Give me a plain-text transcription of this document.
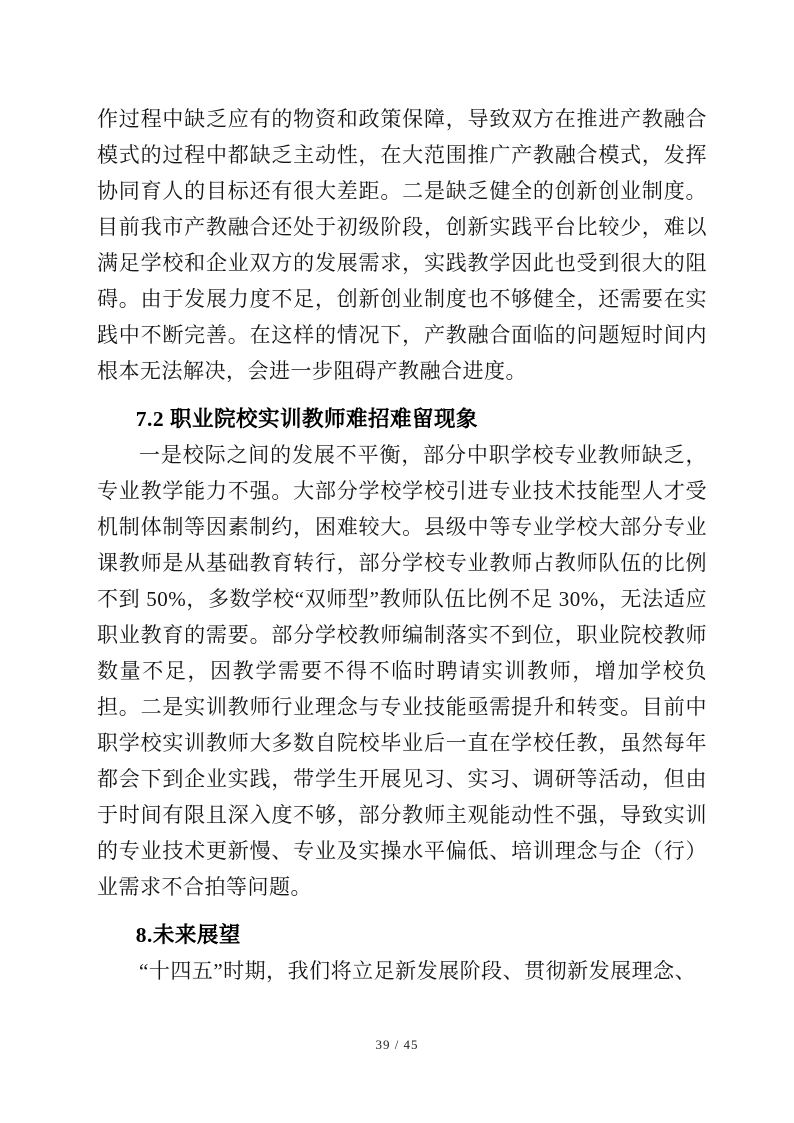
作过程中缺乏应有的物资和政策保障，导致双方在推进产教融合模式的过程中都缺乏主动性，在大范围推广产教融合模式，发挥协同育人的目标还有很大差距。二是缺乏健全的创新创业制度。目前我市产教融合还处于初级阶段，创新实践平台比较少，难以满足学校和企业双方的发展需求，实践教学因此也受到很大的阻碍。由于发展力度不足，创新创业制度也不够健全，还需要在实践中不断完善。在这样的情况下，产教融合面临的问题短时间内根本无法解决，会进一步阻碍产教融合进度。

7.2 职业院校实训教师难招难留现象

一是校际之间的发展不平衡，部分中职学校专业教师缺乏，专业教学能力不强。大部分学校学校引进专业技术技能型人才受机制体制等因素制约，困难较大。县级中等专业学校大部分专业课教师是从基础教育转行，部分学校专业教师占教师队伍的比例不到 50%，多数学校“双师型”教师队伍比例不足 30%，无法适应职业教育的需要。部分学校教师编制落实不到位，职业院校教师数量不足，因教学需要不得不临时聘请实训教师，增加学校负担。二是实训教师行业理念与专业技能亟需提升和转变。目前中职学校实训教师大多数自院校毕业后一直在学校任教，虽然每年都会下到企业实践，带学生开展见习、实习、调研等活动，但由于时间有限且深入度不够，部分教师主观能动性不强，导致实训的专业技术更新慢、专业及实操水平偏低、培训理念与企（行）业需求不合拍等问题。

8.未来展望

“十四五”时期，我们将立足新发展阶段、贯彻新发展理念、

39 / 45
